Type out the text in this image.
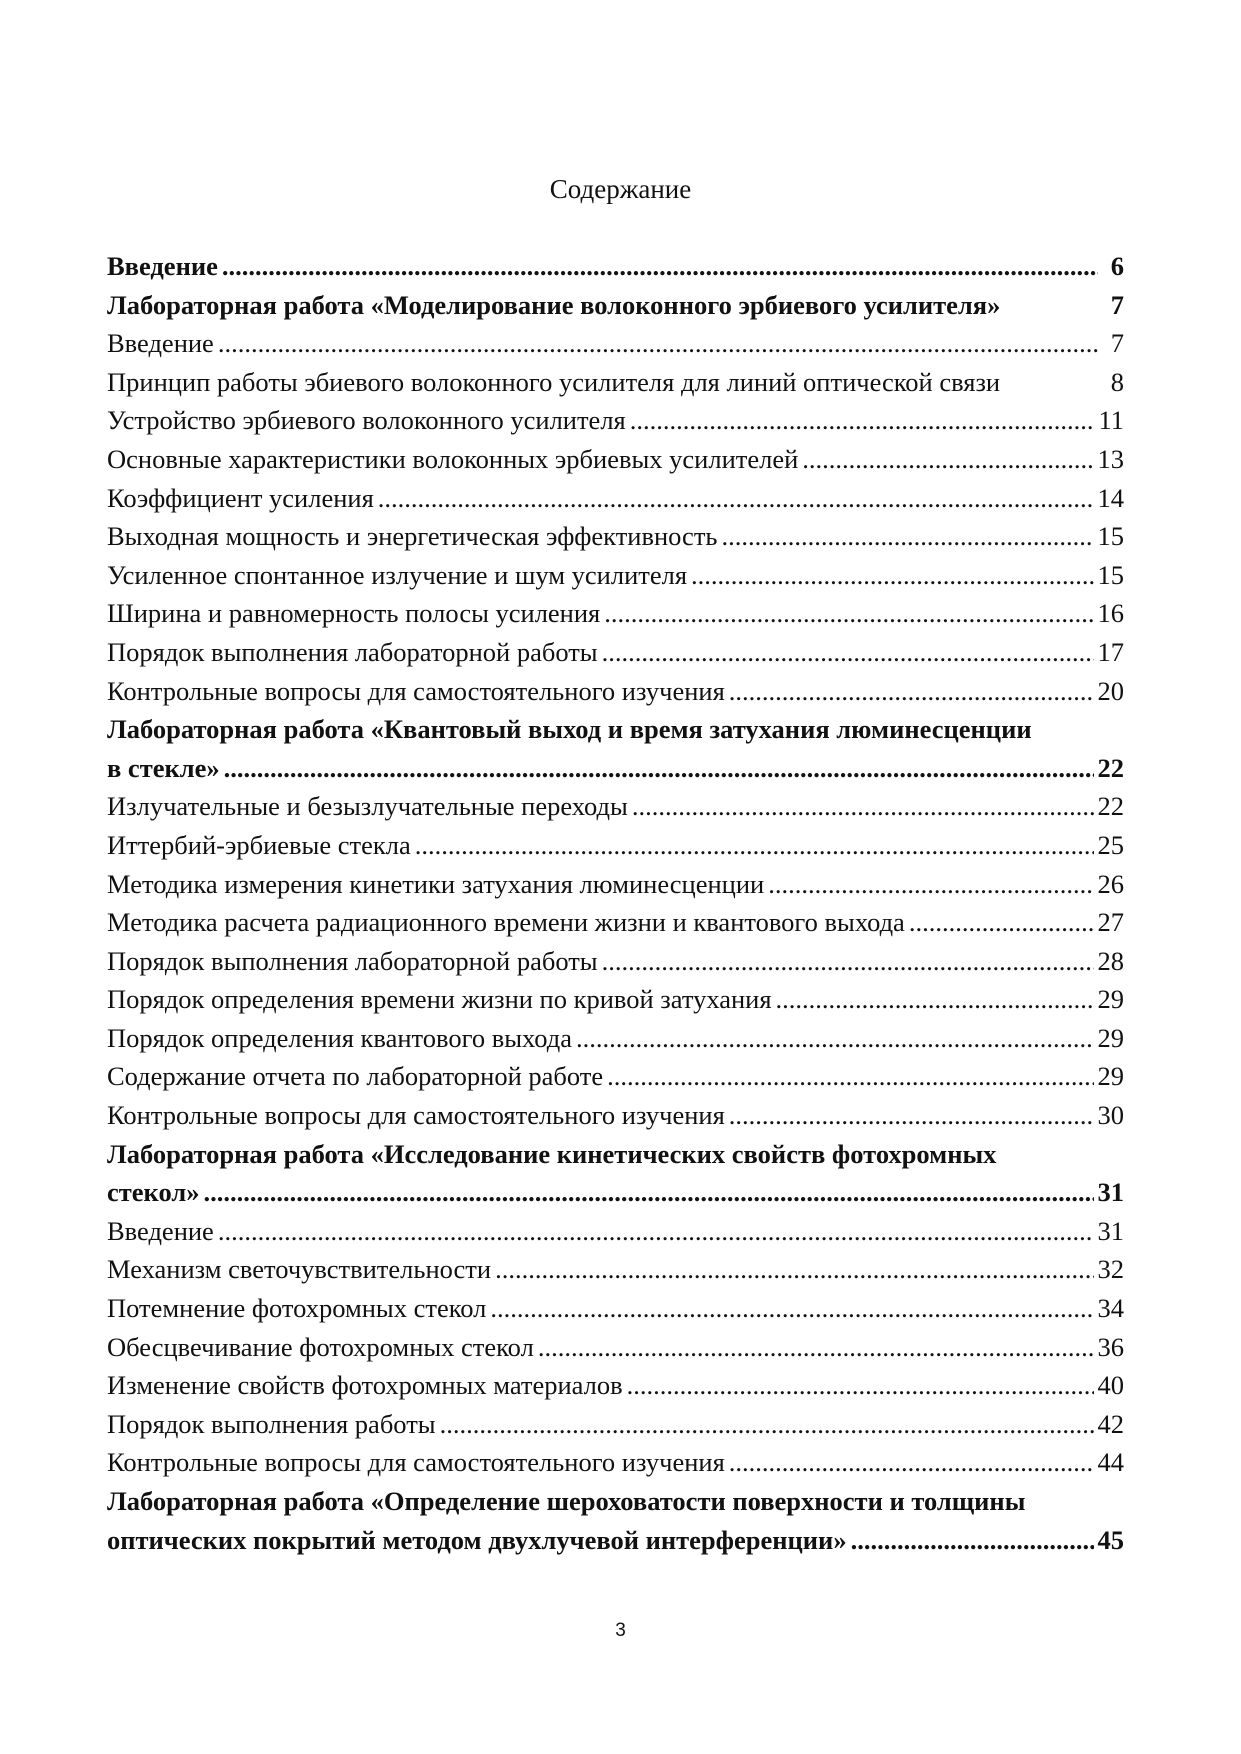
Содержание
Введение .....	6
Лабораторная работа «Моделирование волоконного эрбиевого усилителя»	7
Введение .....	7
Принцип работы эбиевого волоконного усилителя для линий оптической связи	8
Устройство эрбиевого волоконного усилителя .....	11
Основные характеристики волоконных эрбиевых усилителей .....	13
Коэффициент усиления .....	14
Выходная мощность и энергетическая эффективность .....	15
Усиленное спонтанное излучение и шум усилителя .....	15
Ширина и равномерность полосы усиления .....	16
Порядок выполнения лабораторной работы .....	17
Контрольные вопросы для самостоятельного изучения .....	20
Лабораторная работа «Квантовый выход и время затухания люминесценции
в стекле» .....	22
Излучательные и безызлучательные переходы .....	22
Иттербий-эрбиевые стекла .....	25
Методика измерения кинетики затухания люминесценции .....	26
Методика расчета радиационного времени жизни и квантового выхода .....	27
Порядок выполнения лабораторной работы .....	28
Порядок определения времени жизни по кривой затухания .....	29
Порядок определения квантового выхода .....	29
Содержание отчета по лабораторной работе .....	29
Контрольные вопросы для самостоятельного изучения .....	30
Лабораторная работа «Исследование кинетических свойств фотохромных
стекол» .....	31
Введение .....	31
Механизм светочувствительности .....	32
Потемнение фотохромных стекол .....	34
Обесцвечивание фотохромных стекол .....	36
Изменение свойств фотохромных материалов .....	40
Порядок выполнения работы .....	42
Контрольные вопросы для самостоятельного изучения .....	44
Лабораторная работа «Определение шероховатости поверхности и толщины
оптических покрытий методом двухлучевой интерференции» .....	45
3
